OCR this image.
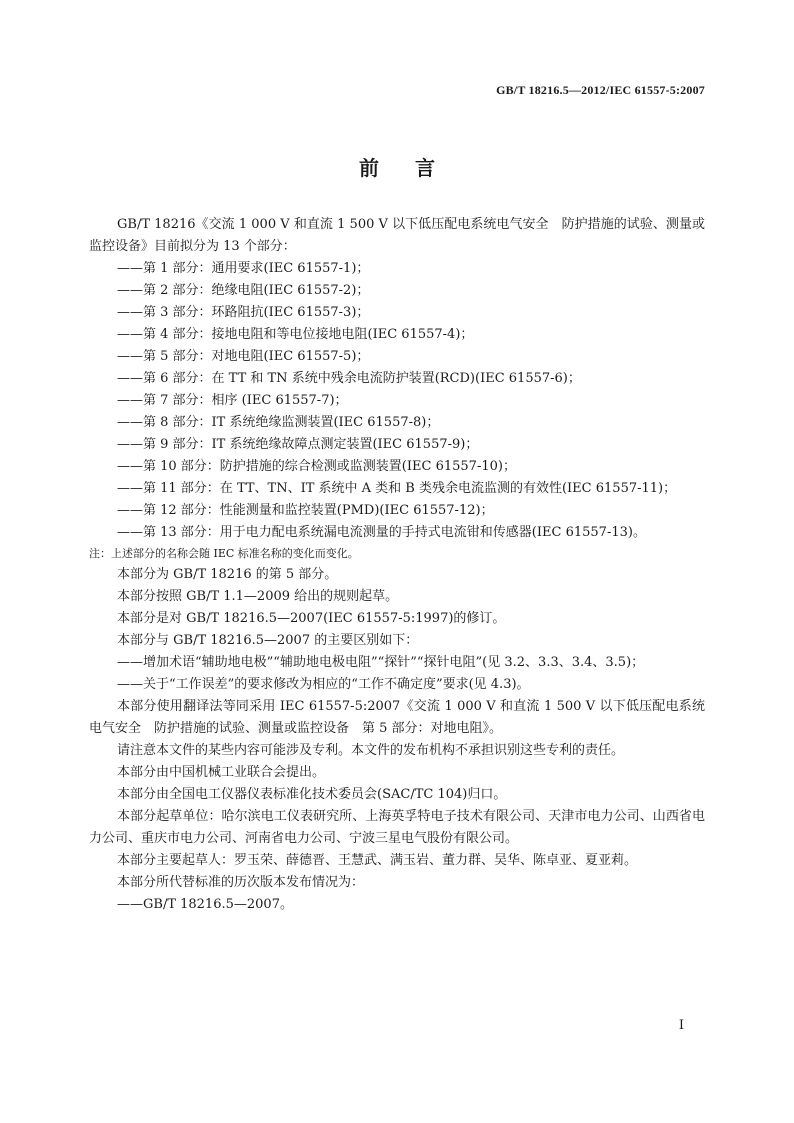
GB/T 18216.5—2012/IEC 61557-5:2007
前言

GB/T 18216《交流 1 000 V 和直流 1 500 V 以下低压配电系统电气安全　防护措施的试验、测量或监控设备》目前拟分为 13 个部分：

——第 1 部分：通用要求(IEC 61557-1)；

——第 2 部分：绝缘电阻(IEC 61557-2)；

——第 3 部分：环路阻抗(IEC 61557-3)；

——第 4 部分：接地电阻和等电位接地电阻(IEC 61557-4)；

——第 5 部分：对地电阻(IEC 61557-5)；

——第 6 部分：在 TT 和 TN 系统中残余电流防护装置(RCD)(IEC 61557-6)；

——第 7 部分：相序 (IEC 61557-7)；

——第 8 部分：IT 系统绝缘监测装置(IEC 61557-8)；

——第 9 部分：IT 系统绝缘故障点测定装置(IEC 61557-9)；

——第 10 部分：防护措施的综合检测或监测装置(IEC 61557-10)；

——第 11 部分：在 TT、TN、IT 系统中 A 类和 B 类残余电流监测的有效性(IEC 61557-11)；

——第 12 部分：性能测量和监控装置(PMD)(IEC 61557-12)；

——第 13 部分：用于电力配电系统漏电流测量的手持式电流钳和传感器(IEC 61557-13)。

注：上述部分的名称会随 IEC 标准名称的变化而变化。

本部分为 GB/T 18216 的第 5 部分。

本部分按照 GB/T 1.1—2009 给出的规则起草。

本部分是对 GB/T 18216.5—2007(IEC 61557-5:1997)的修订。

本部分与 GB/T 18216.5—2007 的主要区别如下：

——增加术语“辅助地电极”“辅助地电极电阻”“探针”“探针电阻”(见 3.2、3.3、3.4、3.5)；

——关于“工作误差”的要求修改为相应的“工作不确定度”要求(见 4.3)。

本部分使用翻译法等同采用 IEC 61557-5:2007《交流 1 000 V 和直流 1 500 V 以下低压配电系统电气安全　防护措施的试验、测量或监控设备　第 5 部分：对地电阻》。

请注意本文件的某些内容可能涉及专利。本文件的发布机构不承担识别这些专利的责任。

本部分由中国机械工业联合会提出。

本部分由全国电工仪器仪表标准化技术委员会(SAC/TC 104)归口。

本部分起草单位：哈尔滨电工仪表研究所、上海英孚特电子技术有限公司、天津市电力公司、山西省电力公司、重庆市电力公司、河南省电力公司、宁波三星电气股份有限公司。

本部分主要起草人：罗玉荣、薛德晋、王慧武、满玉岩、董力群、吴华、陈卓亚、夏亚莉。

本部分所代替标准的历次版本发布情况为：

——GB/T 18216.5—2007。

I
